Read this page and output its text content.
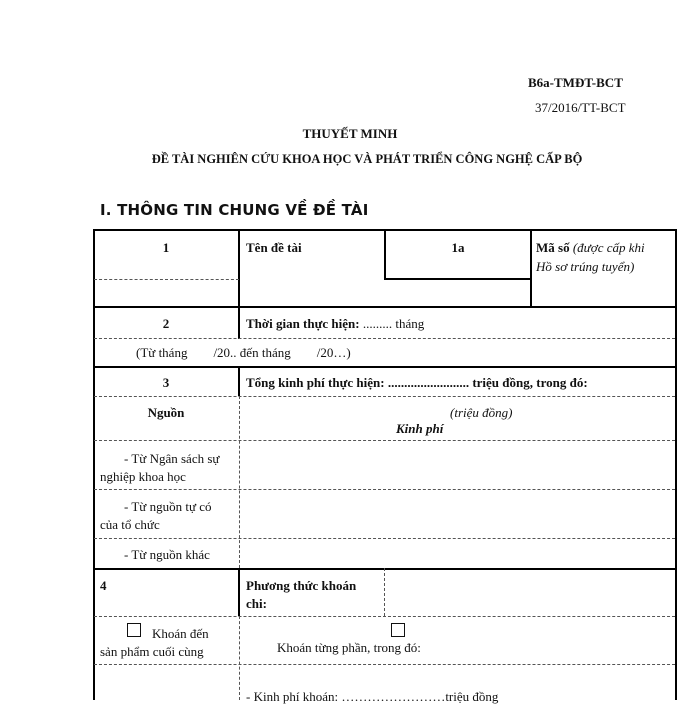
B6a-TMĐT-BCT
37/2016/TT-BCT
THUYẾT MINH
ĐỀ TÀI NGHIÊN CỨU KHOA HỌC VÀ PHÁT TRIỂN CÔNG NGHỆ CẤP BỘ
I. THÔNG TIN CHUNG VỀ ĐỀ TÀI
1	Tên đề tài	1a	Mã số (được cấp khi
Hồ sơ trúng tuyển)
2	Thời gian thực hiện: ......... tháng
(Từ tháng        /20.. đến tháng        /20…)
3	Tổng kinh phí thực hiện: ......................... triệu đồng, trong đó:
Nguồn	(triệu đồng)
Kinh phí
- Từ Ngân sách sự
nghiệp khoa học
- Từ nguồn tự có
của tổ chức
- Từ nguồn khác
4	Phương thức khoán
chi:
Khoán đến
sản phẩm cuối cùng	Khoán từng phần, trong đó:
- Kinh phí khoán: ……………………triệu đồng
